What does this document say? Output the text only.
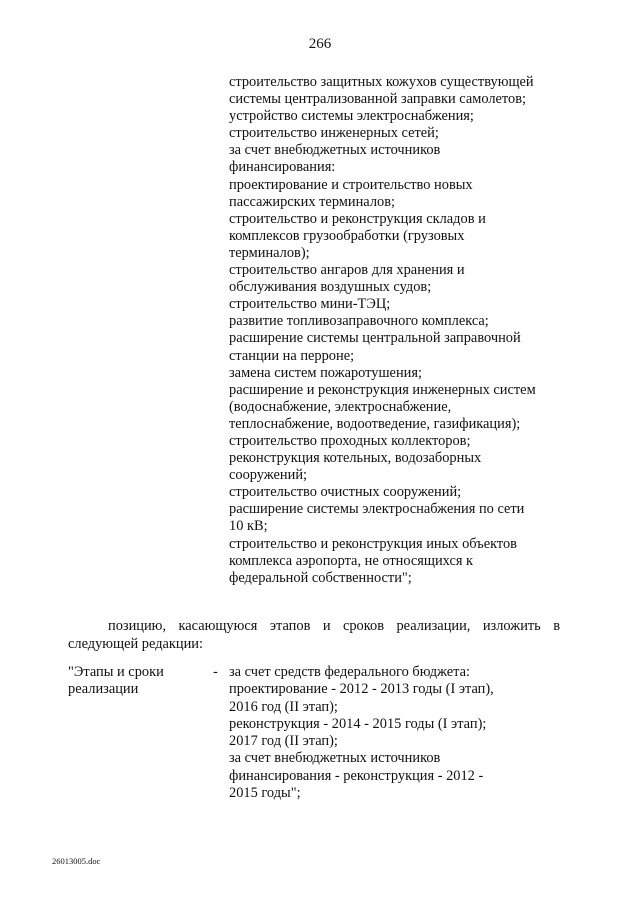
266
строительство защитных кожухов существующей
системы централизованной заправки самолетов;
устройство системы электроснабжения;
строительство инженерных сетей;
за счет внебюджетных источников
финансирования:
проектирование и строительство новых
пассажирских терминалов;
строительство и реконструкция складов и
комплексов грузообработки (грузовых
терминалов);
строительство ангаров для хранения и
обслуживания воздушных судов;
строительство мини-ТЭЦ;
развитие топливозаправочного комплекса;
расширение системы центральной заправочной
станции на перроне;
замена систем пожаротушения;
расширение и реконструкция инженерных систем
(водоснабжение, электроснабжение,
теплоснабжение, водоотведение, газификация);
строительство проходных коллекторов;
реконструкция котельных, водозаборных
сооружений;
строительство очистных сооружений;
расширение системы электроснабжения по сети
10 кВ;
строительство и реконструкция иных объектов
комплекса аэропорта, не относящихся к
федеральной собственности";
позицию, касающуюся этапов и сроков реализации, изложить в
следующей редакции:
"Этапы и сроки
реализации
- за счет средств федерального бюджета:
проектирование - 2012 - 2013 годы (I этап),
2016 год (II этап);
реконструкция - 2014 - 2015 годы (I этап);
2017 год (II этап);
за счет внебюджетных источников
финансирования - реконструкция - 2012 -
2015 годы";
26013005.doc
